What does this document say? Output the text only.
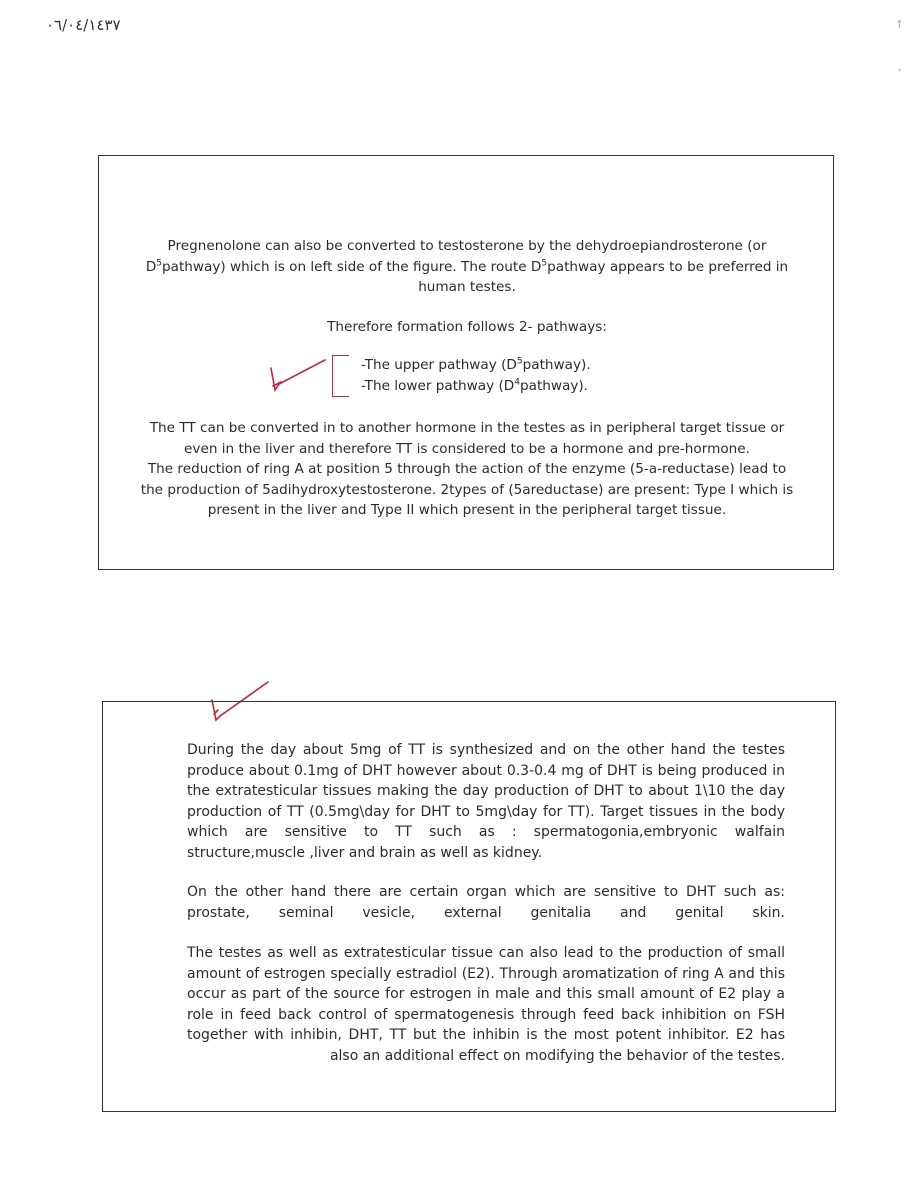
٠٦/٠٤/١٤٣٧	↑
•
Pregnenolone can also be converted to testosterone by the dehydroepiandrosterone (or $D^5pathway$) which is on left side of the figure. The route $D^5pathway$ appears to be preferred in human testes.
Therefore formation follows 2- pathways:
-The upper pathway $(D^5pathway)$.
-The lower pathway $(D^4pathway)$.
The TT can be converted in to another hormone in the testes as in peripheral target tissue or even in the liver and therefore TT is considered to be a hormone and pre-hormone.
The reduction of ring A at position 5 through the action of the enzyme (5-a-reductase) lead to the production of 5adihydroxytestosterone. 2types of (5areductase) are present: Type I which is present in the liver and Type II which present in the peripheral target tissue.
During the day about 5mg of TT is synthesized and on the other hand the testes produce about 0.1mg of DHT however about 0.3-0.4 mg of DHT is being produced in the extratesticular tissues making the day production of DHT to about 1\10 the day production of TT (0.5mg\day for DHT to 5mg\day for TT). Target tissues in the body which are sensitive to TT such as : spermatogonia,embryonic walfain structure,muscle ,liver and brain as well as kidney.
On the other hand there are certain organ which are sensitive to DHT such as: prostate, seminal vesicle, external genitalia and genital skin.
The testes as well as extratesticular tissue can also lead to the production of small amount of estrogen specially estradiol (E2). Through aromatization of ring A and this occur as part of the source for estrogen in male and this small amount of E2 play a role in feed back control of spermatogenesis through feed back inhibition on FSH together with inhibin, DHT, TT but the inhibin is the most potent inhibitor. E2 has also an additional effect on modifying the behavior of the testes.
